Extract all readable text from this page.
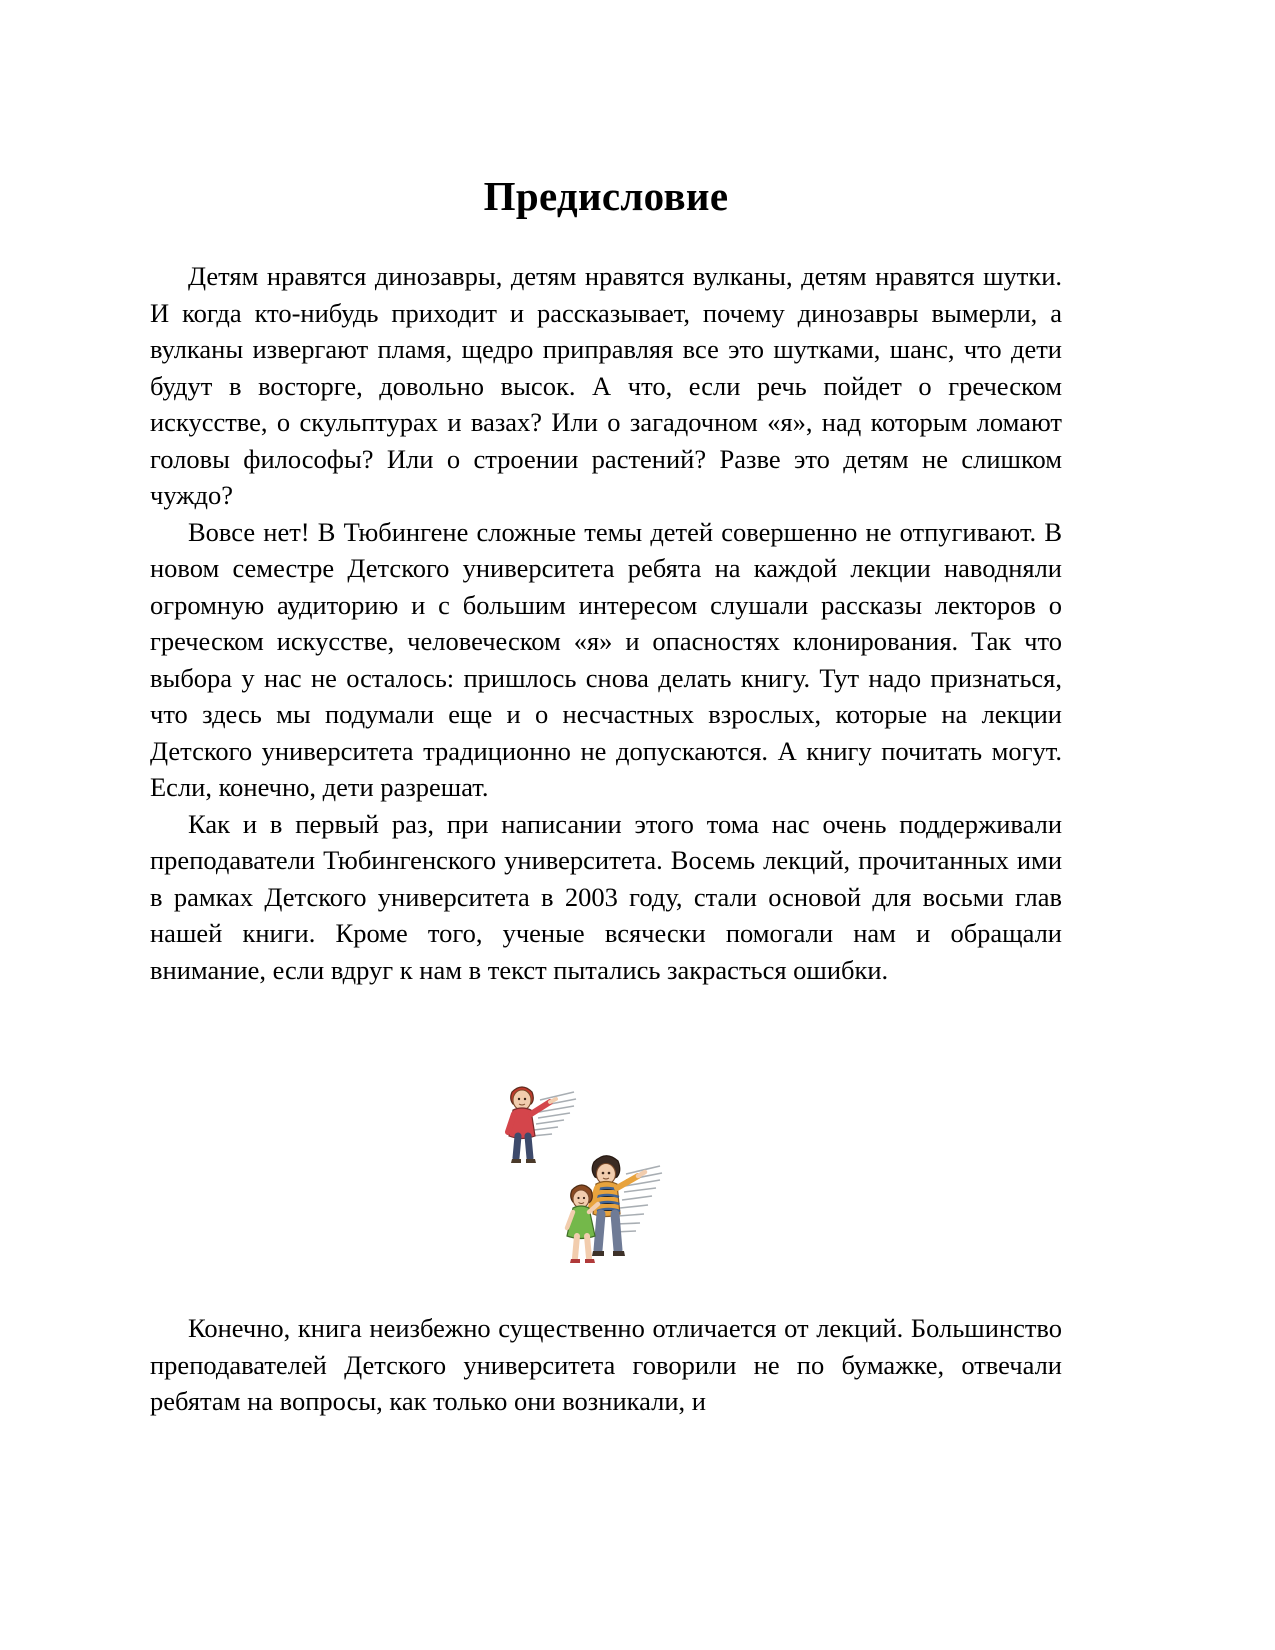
Предисловие

Детям нравятся динозавры, детям нравятся вулканы, детям нравятся шутки. И когда кто-нибудь приходит и рассказывает, почему динозавры вымерли, а вулканы извергают пламя, щедро приправляя все это шутками, шанс, что дети будут в восторге, довольно высок. А что, если речь пойдет о греческом искусстве, о скульптурах и вазах? Или о загадочном «я», над которым ломают головы философы? Или о строении растений? Разве это детям не слишком чуждо?

Вовсе нет! В Тюбингене сложные темы детей совершенно не отпугивают. В новом семестре Детского университета ребята на каждой лекции наводняли огромную аудиторию и с большим интересом слушали рассказы лекторов о греческом искусстве, человеческом «я» и опасностях клонирования. Так что выбора у нас не осталось: пришлось снова делать книгу. Тут надо признаться, что здесь мы подумали еще и о несчастных взрослых, которые на лекции Детского университета традиционно не допускаются. А книгу почитать могут. Если, конечно, дети разрешат.

Как и в первый раз, при написании этого тома нас очень поддерживали преподаватели Тюбингенского университета. Восемь лекций, прочитанных ими в рамках Детского университета в 2003 году, стали основой для восьми глав нашей книги. Кроме того, ученые всячески помогали нам и обращали внимание, если вдруг к нам в текст пытались закрасться ошибки.

Конечно, книга неизбежно существенно отличается от лекций. Большинство преподавателей Детского университета говорили не по бумажке, отвечали ребятам на вопросы, как только они возникали, и
